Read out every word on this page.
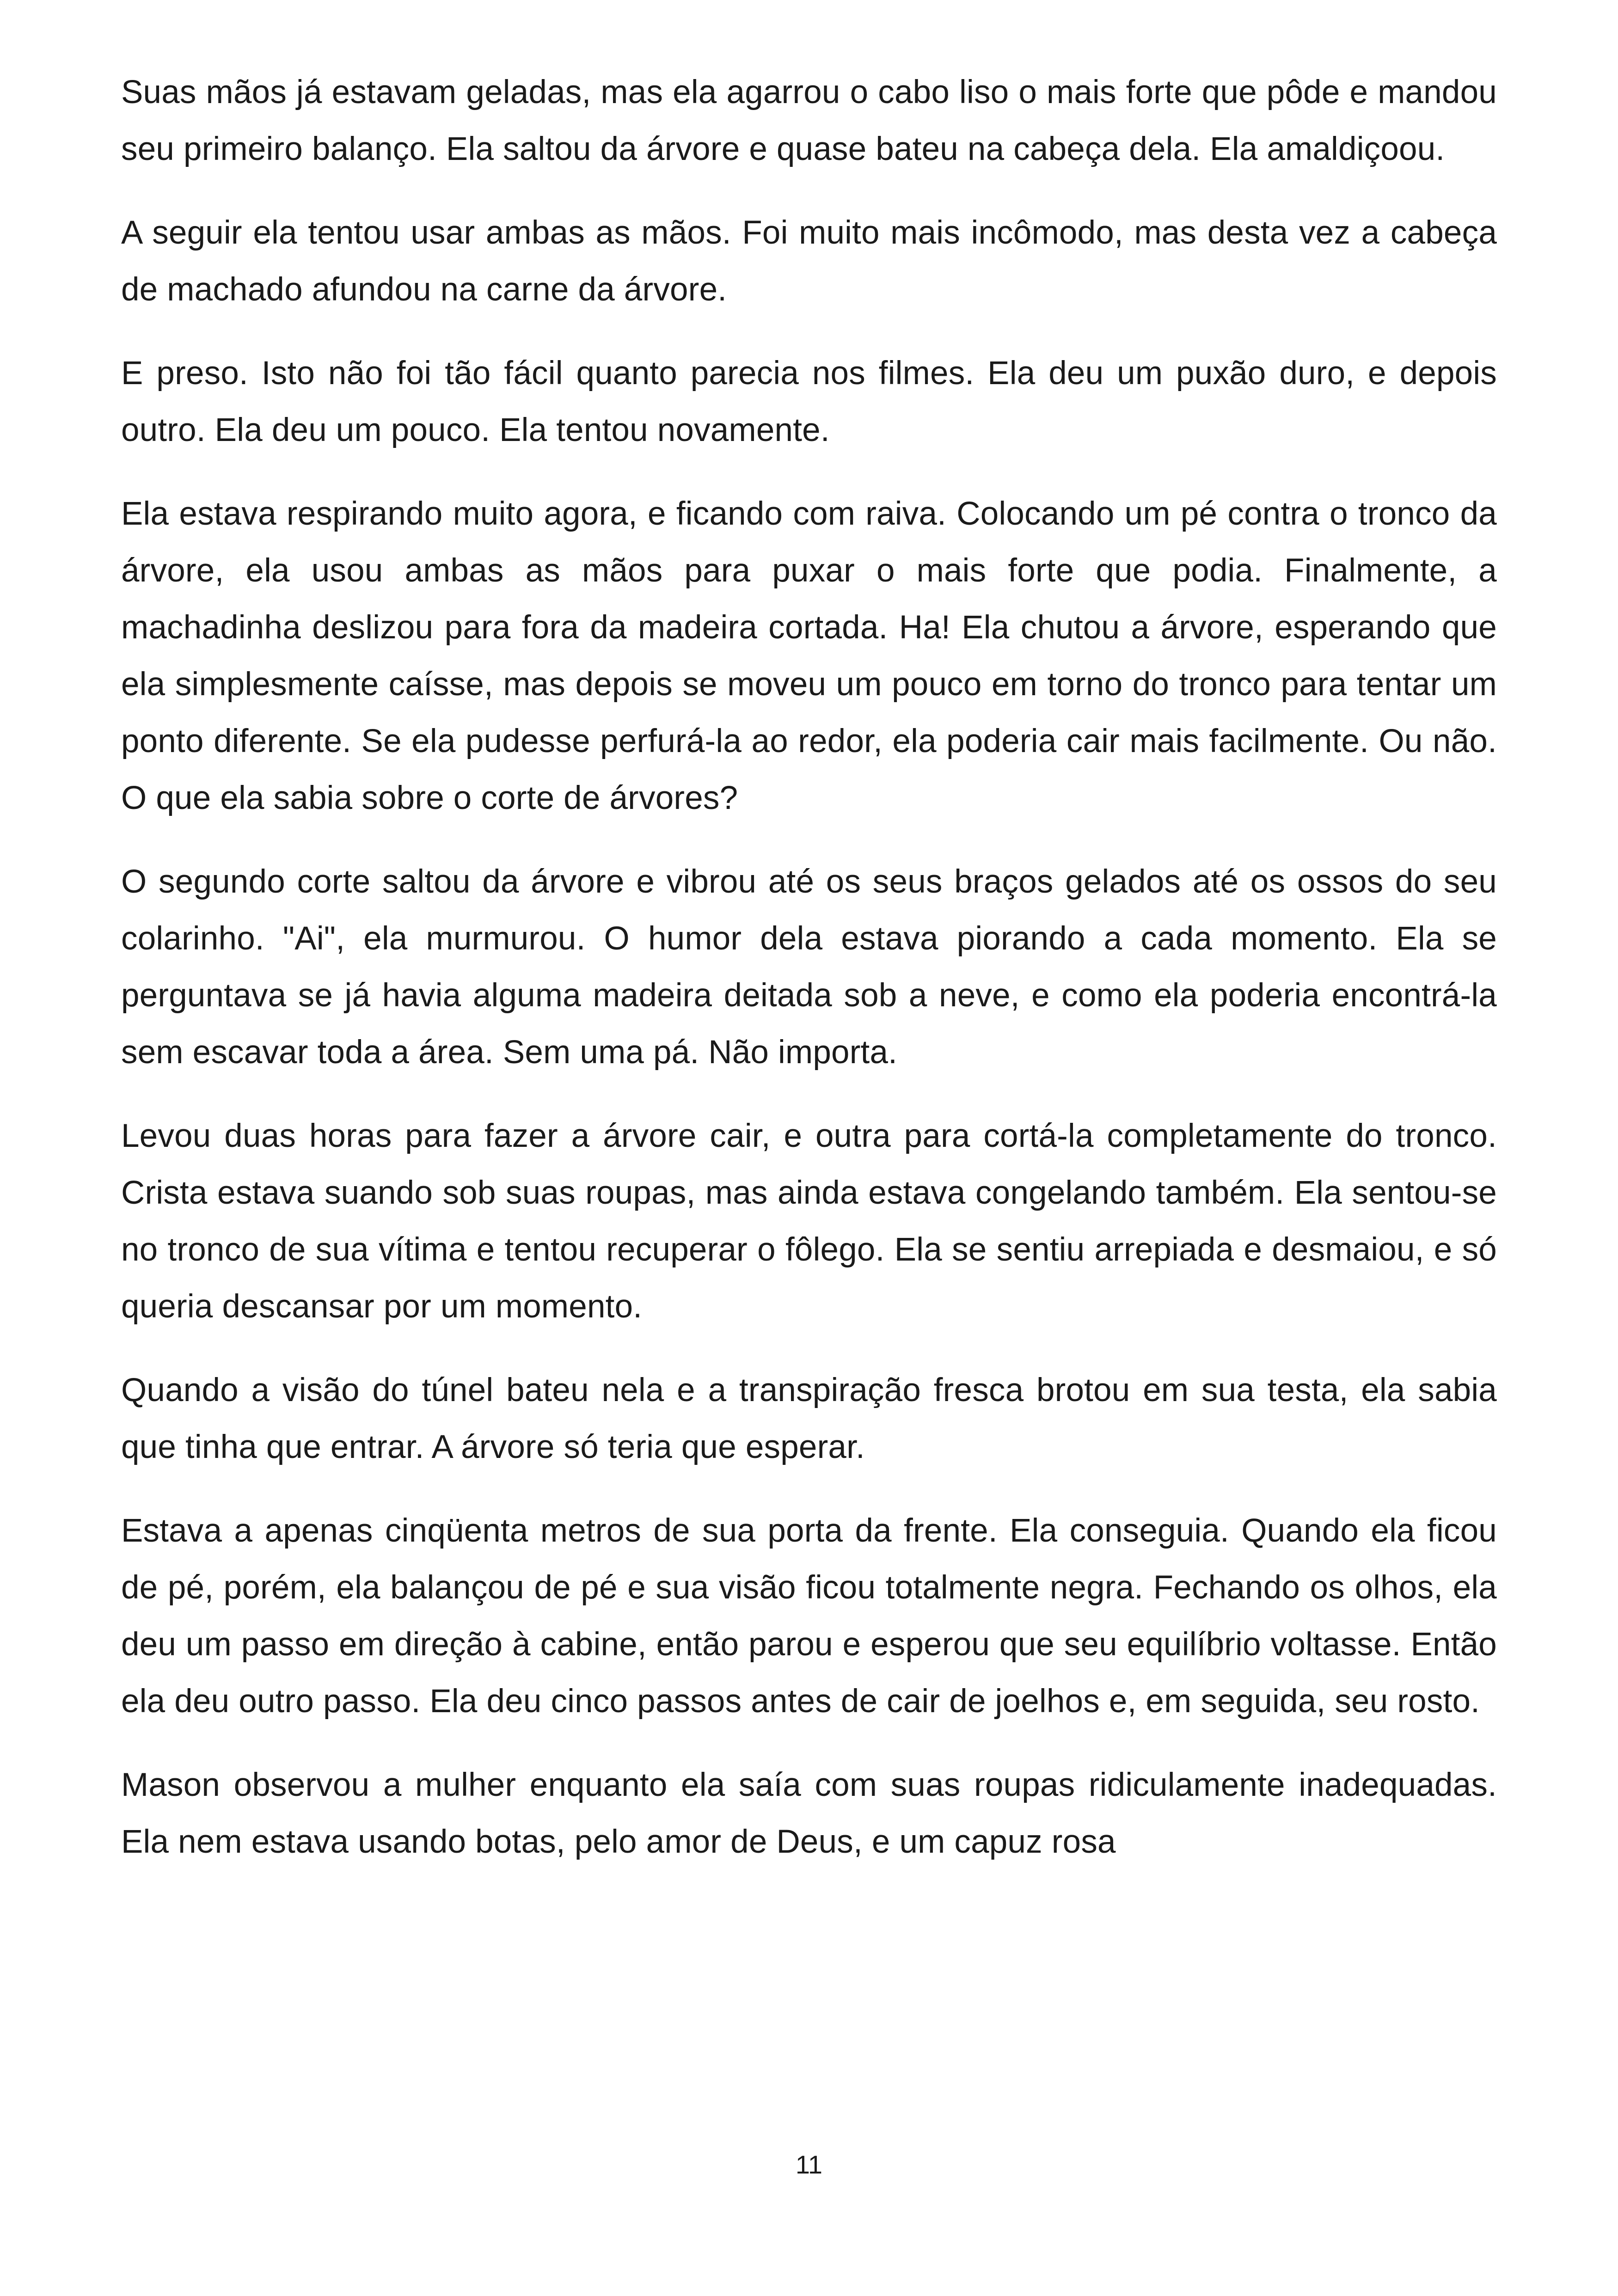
Suas mãos já estavam geladas, mas ela agarrou o cabo liso o mais forte que pôde e mandou seu primeiro balanço. Ela saltou da árvore e quase bateu na cabeça dela. Ela amaldiçoou.

A seguir ela tentou usar ambas as mãos. Foi muito mais incômodo, mas desta vez a cabeça de machado afundou na carne da árvore.

E preso. Isto não foi tão fácil quanto parecia nos filmes. Ela deu um puxão duro, e depois outro. Ela deu um pouco. Ela tentou novamente.

Ela estava respirando muito agora, e ficando com raiva. Colocando um pé contra o tronco da árvore, ela usou ambas as mãos para puxar o mais forte que podia. Finalmente, a machadinha deslizou para fora da madeira cortada. Ha! Ela chutou a árvore, esperando que ela simplesmente caísse, mas depois se moveu um pouco em torno do tronco para tentar um ponto diferente. Se ela pudesse perfurá-la ao redor, ela poderia cair mais facilmente. Ou não. O que ela sabia sobre o corte de árvores?

O segundo corte saltou da árvore e vibrou até os seus braços gelados até os ossos do seu colarinho. "Ai", ela murmurou. O humor dela estava piorando a cada momento. Ela se perguntava se já havia alguma madeira deitada sob a neve, e como ela poderia encontrá-la sem escavar toda a área. Sem uma pá. Não importa.

Levou duas horas para fazer a árvore cair, e outra para cortá-la completamente do tronco. Crista estava suando sob suas roupas, mas ainda estava congelando também. Ela sentou-se no tronco de sua vítima e tentou recuperar o fôlego. Ela se sentiu arrepiada e desmaiou, e só queria descansar por um momento.

Quando a visão do túnel bateu nela e a transpiração fresca brotou em sua testa, ela sabia que tinha que entrar. A árvore só teria que esperar.

Estava a apenas cinqüenta metros de sua porta da frente. Ela conseguia. Quando ela ficou de pé, porém, ela balançou de pé e sua visão ficou totalmente negra. Fechando os olhos, ela deu um passo em direção à cabine, então parou e esperou que seu equilíbrio voltasse. Então ela deu outro passo. Ela deu cinco passos antes de cair de joelhos e, em seguida, seu rosto.

Mason observou a mulher enquanto ela saía com suas roupas ridiculamente inadequadas. Ela nem estava usando botas, pelo amor de Deus, e um capuz rosa

11
